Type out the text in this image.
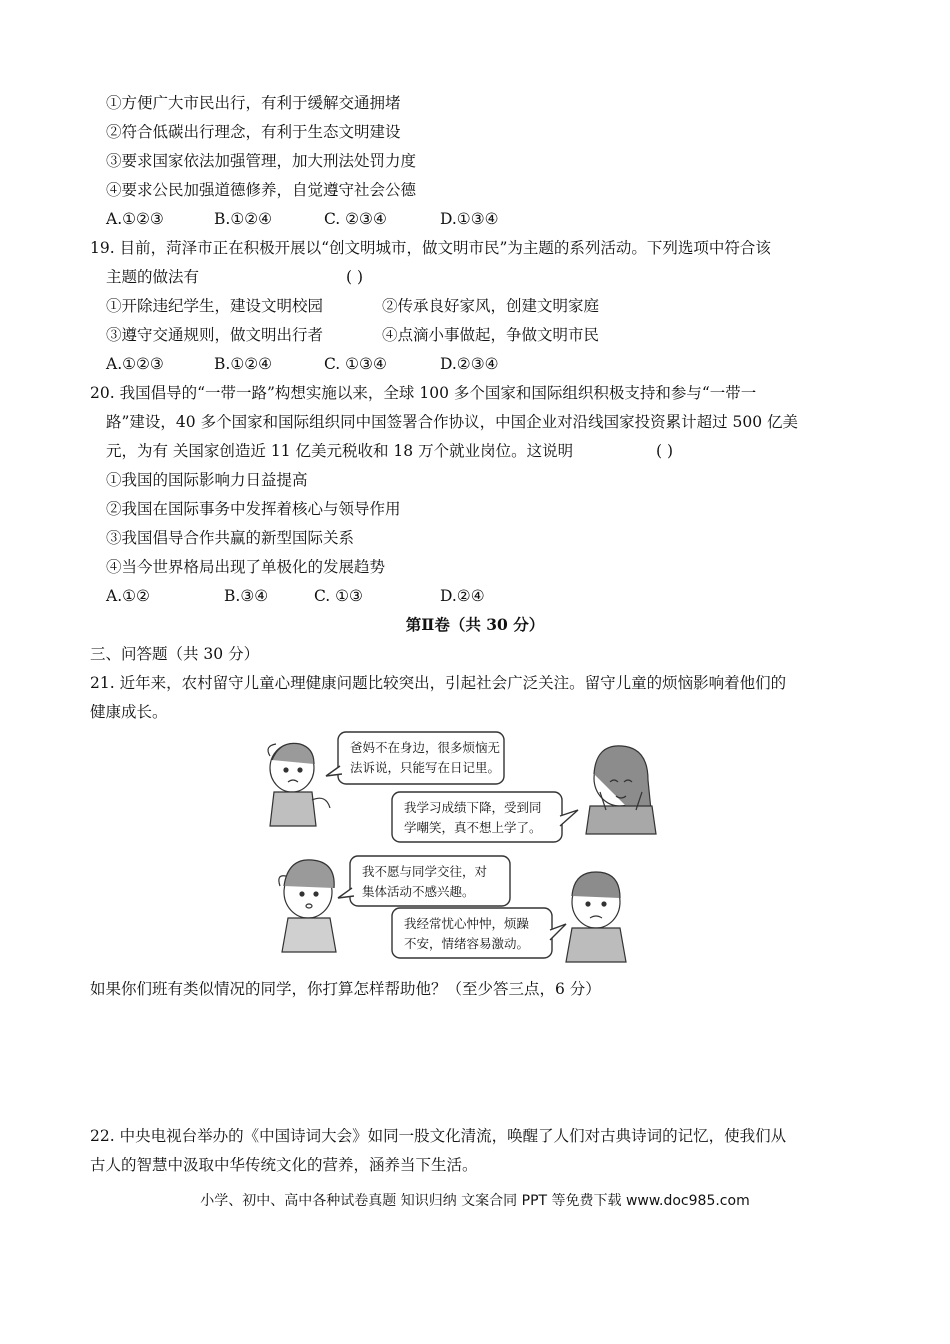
①方便广大市民出行，有利于缓解交通拥堵
②符合低碳出行理念，有利于生态文明建设
③要求国家依法加强管理，加大刑法处罚力度
④要求公民加强道德修养，自觉遵守社会公德
A.①②③	B.①②④	C. ②③④	D.①③④
19. 目前，菏泽市正在积极开展以“创文明城市，做文明市民”为主题的系列活动。下列选项中符合该
主题的做法有	( )
①开除违纪学生，建设文明校园	②传承良好家风，创建文明家庭
③遵守交通规则，做文明出行者	④点滴小事做起，争做文明市民
A.①②③	B.①②④	C. ①③④	D.②③④
20. 我国倡导的“一带一路”构想实施以来，全球 100 多个国家和国际组织积极支持和参与“一带一
路”建设，40 多个国家和国际组织同中国签署合作协议，中国企业对沿线国家投资累计超过 500 亿美
元，为有 关国家创造近 11 亿美元税收和 18 万个就业岗位。这说明	( )
①我国的国际影响力日益提高
②我国在国际事务中发挥着核心与领导作用
③我国倡导合作共赢的新型国际关系
④当今世界格局出现了单极化的发展趋势
A.①②	B.③④	C. ①③	D.②④
第Ⅱ卷（共 30 分）
三、问答题（共 30 分）
21. 近年来，农村留守儿童心理健康问题比较突出，引起社会广泛关注。留守儿童的烦恼影响着他们的
健康成长。
爸妈不在身边，很多烦恼无
法诉说，只能写在日记里。
我学习成绩下降，受到同
学嘲笑，真不想上学了。
我不愿与同学交往，对
集体活动不感兴趣。
我经常忧心忡忡，烦躁
不安，情绪容易激动。
如果你们班有类似情况的同学，你打算怎样帮助他？（至少答三点，6 分）
22. 中央电视台举办的《中国诗词大会》如同一股文化清流，唤醒了人们对古典诗词的记忆，使我们从
古人的智慧中汲取中华传统文化的营养，涵养当下生活。
小学、初中、高中各种试卷真题 知识归纳 文案合同 PPT 等免费下载 www.doc985.com
